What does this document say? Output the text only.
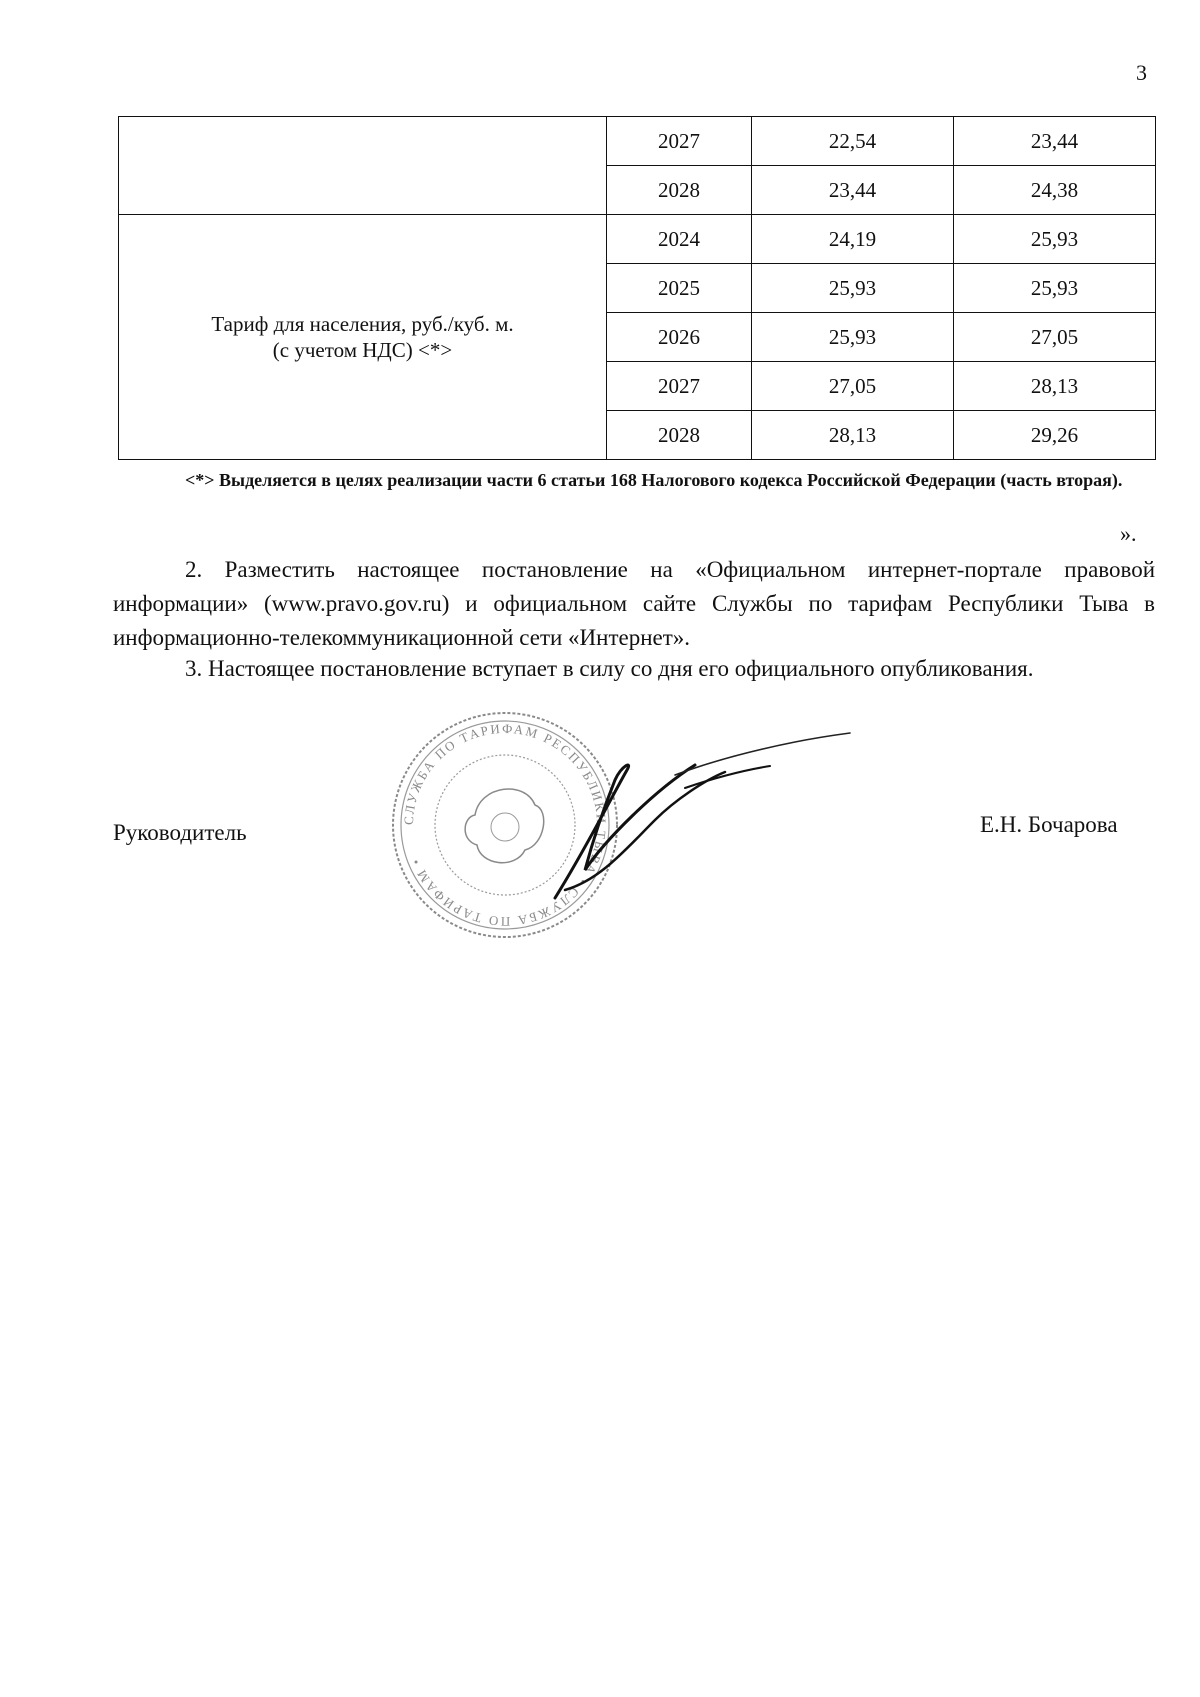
3
	2027	22,54	23,44
	2028	23,44	24,38

Тариф для населения, руб./куб. м.
(с учетом НДС) <*>	2024	24,19	25,93
	2025	25,93	25,93
	2026	25,93	27,05
	2027	27,05	28,13
	2028	28,13	29,26
<*> Выделяется в целях реализации части 6 статьи 168 Налогового кодекса Российской Федерации (часть вторая).
».
2. Разместить настоящее постановление на «Официальном интернет-портале правовой информации» (www.pravo.gov.ru) и официальном сайте Службы по тарифам Республики Тыва в информационно-телекоммуникационной сети «Интернет».
3. Настоящее постановление вступает в силу со дня его официального опубликования.
СЛУЖБА ПО ТАРИФАМ РЕСПУБЛИКИ ТЫВА • СЛУЖБА ПО ТАРИФАМ •
Руководитель	Е.Н. Бочарова
